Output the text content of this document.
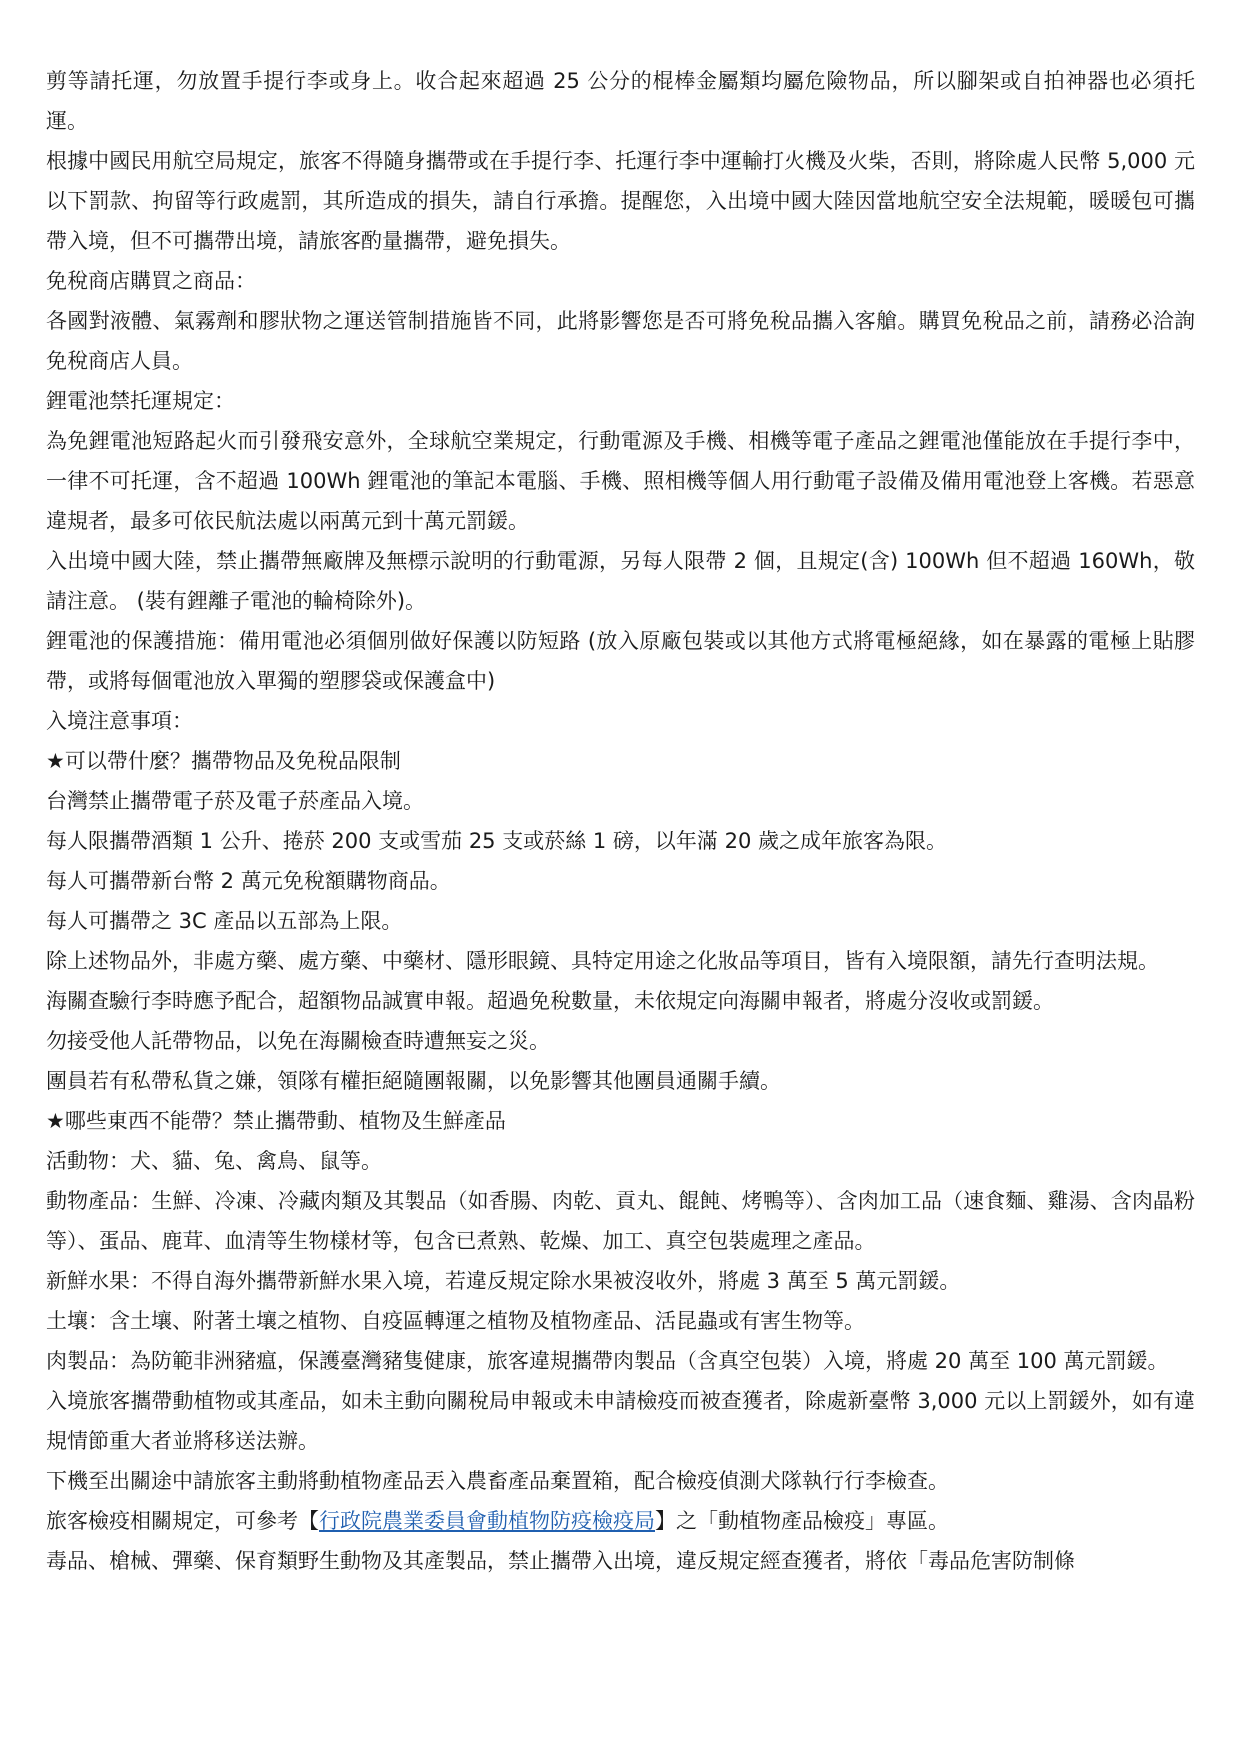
剪等請托運，勿放置手提行李或身上。收合起來超過 25 公分的棍棒金屬類均屬危險物品，所以腳架或自拍神器也必須托運。

根據中國民用航空局規定，旅客不得隨身攜帶或在手提行李、托運行李中運輸打火機及火柴，否則，將除處人民幣 5,000 元以下罰款、拘留等行政處罰，其所造成的損失，請自行承擔。提醒您，入出境中國大陸因當地航空安全法規範，暖暖包可攜帶入境，但不可攜帶出境，請旅客酌量攜帶，避免損失。

免稅商店購買之商品：

各國對液體、氣霧劑和膠狀物之運送管制措施皆不同，此將影響您是否可將免稅品攜入客艙。購買免稅品之前，請務必洽詢免稅商店人員。

鋰電池禁托運規定：

為免鋰電池短路起火而引發飛安意外，全球航空業規定，行動電源及手機、相機等電子產品之鋰電池僅能放在手提行李中，一律不可托運，含不超過 100Wh 鋰電池的筆記本電腦、手機、照相機等個人用行動電子設備及備用電池登上客機。若惡意違規者，最多可依民航法處以兩萬元到十萬元罰鍰。

入出境中國大陸，禁止攜帶無廠牌及無標示說明的行動電源，另每人限帶 2 個，且規定(含) 100Wh 但不超過 160Wh，敬請注意。 (裝有鋰離子電池的輪椅除外)。

鋰電池的保護措施：備用電池必須個別做好保護以防短路 (放入原廠包裝或以其他方式將電極絕緣，如在暴露的電極上貼膠帶，或將每個電池放入單獨的塑膠袋或保護盒中)

入境注意事項：

★可以帶什麼？攜帶物品及免稅品限制

台灣禁止攜帶電子菸及電子菸產品入境。

每人限攜帶酒類 1 公升、捲菸 200 支或雪茄 25 支或菸絲 1 磅，以年滿 20 歲之成年旅客為限。

每人可攜帶新台幣 2 萬元免稅額購物商品。

每人可攜帶之 3C 產品以五部為上限。

除上述物品外，非處方藥、處方藥、中藥材、隱形眼鏡、具特定用途之化妝品等項目，皆有入境限額，請先行查明法規。

海關查驗行李時應予配合，超額物品誠實申報。超過免稅數量，未依規定向海關申報者，將處分沒收或罰鍰。

勿接受他人託帶物品，以免在海關檢查時遭無妄之災。

團員若有私帶私貨之嫌，領隊有權拒絕隨團報關，以免影響其他團員通關手續。

★哪些東西不能帶？禁止攜帶動、植物及生鮮產品

活動物：犬、貓、兔、禽鳥、鼠等。

動物產品：生鮮、冷凍、冷藏肉類及其製品（如香腸、肉乾、貢丸、餛飩、烤鴨等）、含肉加工品（速食麵、雞湯、含肉晶粉等）、蛋品、鹿茸、血清等生物樣材等，包含已煮熟、乾燥、加工、真空包裝處理之產品。

新鮮水果：不得自海外攜帶新鮮水果入境，若違反規定除水果被沒收外，將處 3 萬至 5 萬元罰鍰。

土壤：含土壤、附著土壤之植物、自疫區轉運之植物及植物產品、活昆蟲或有害生物等。

肉製品：為防範非洲豬瘟，保護臺灣豬隻健康，旅客違規攜帶肉製品（含真空包裝）入境，將處 20 萬至 100 萬元罰鍰。

入境旅客攜帶動植物或其產品，如未主動向關稅局申報或未申請檢疫而被查獲者，除處新臺幣 3,000 元以上罰鍰外，如有違規情節重大者並將移送法辦。

下機至出關途中請旅客主動將動植物產品丟入農畜產品棄置箱，配合檢疫偵測犬隊執行行李檢查。

旅客檢疫相關規定，可參考【行政院農業委員會動植物防疫檢疫局】之「動植物產品檢疫」專區。

毒品、槍械、彈藥、保育類野生動物及其產製品，禁止攜帶入出境，違反規定經查獲者，將依「毒品危害防制條
